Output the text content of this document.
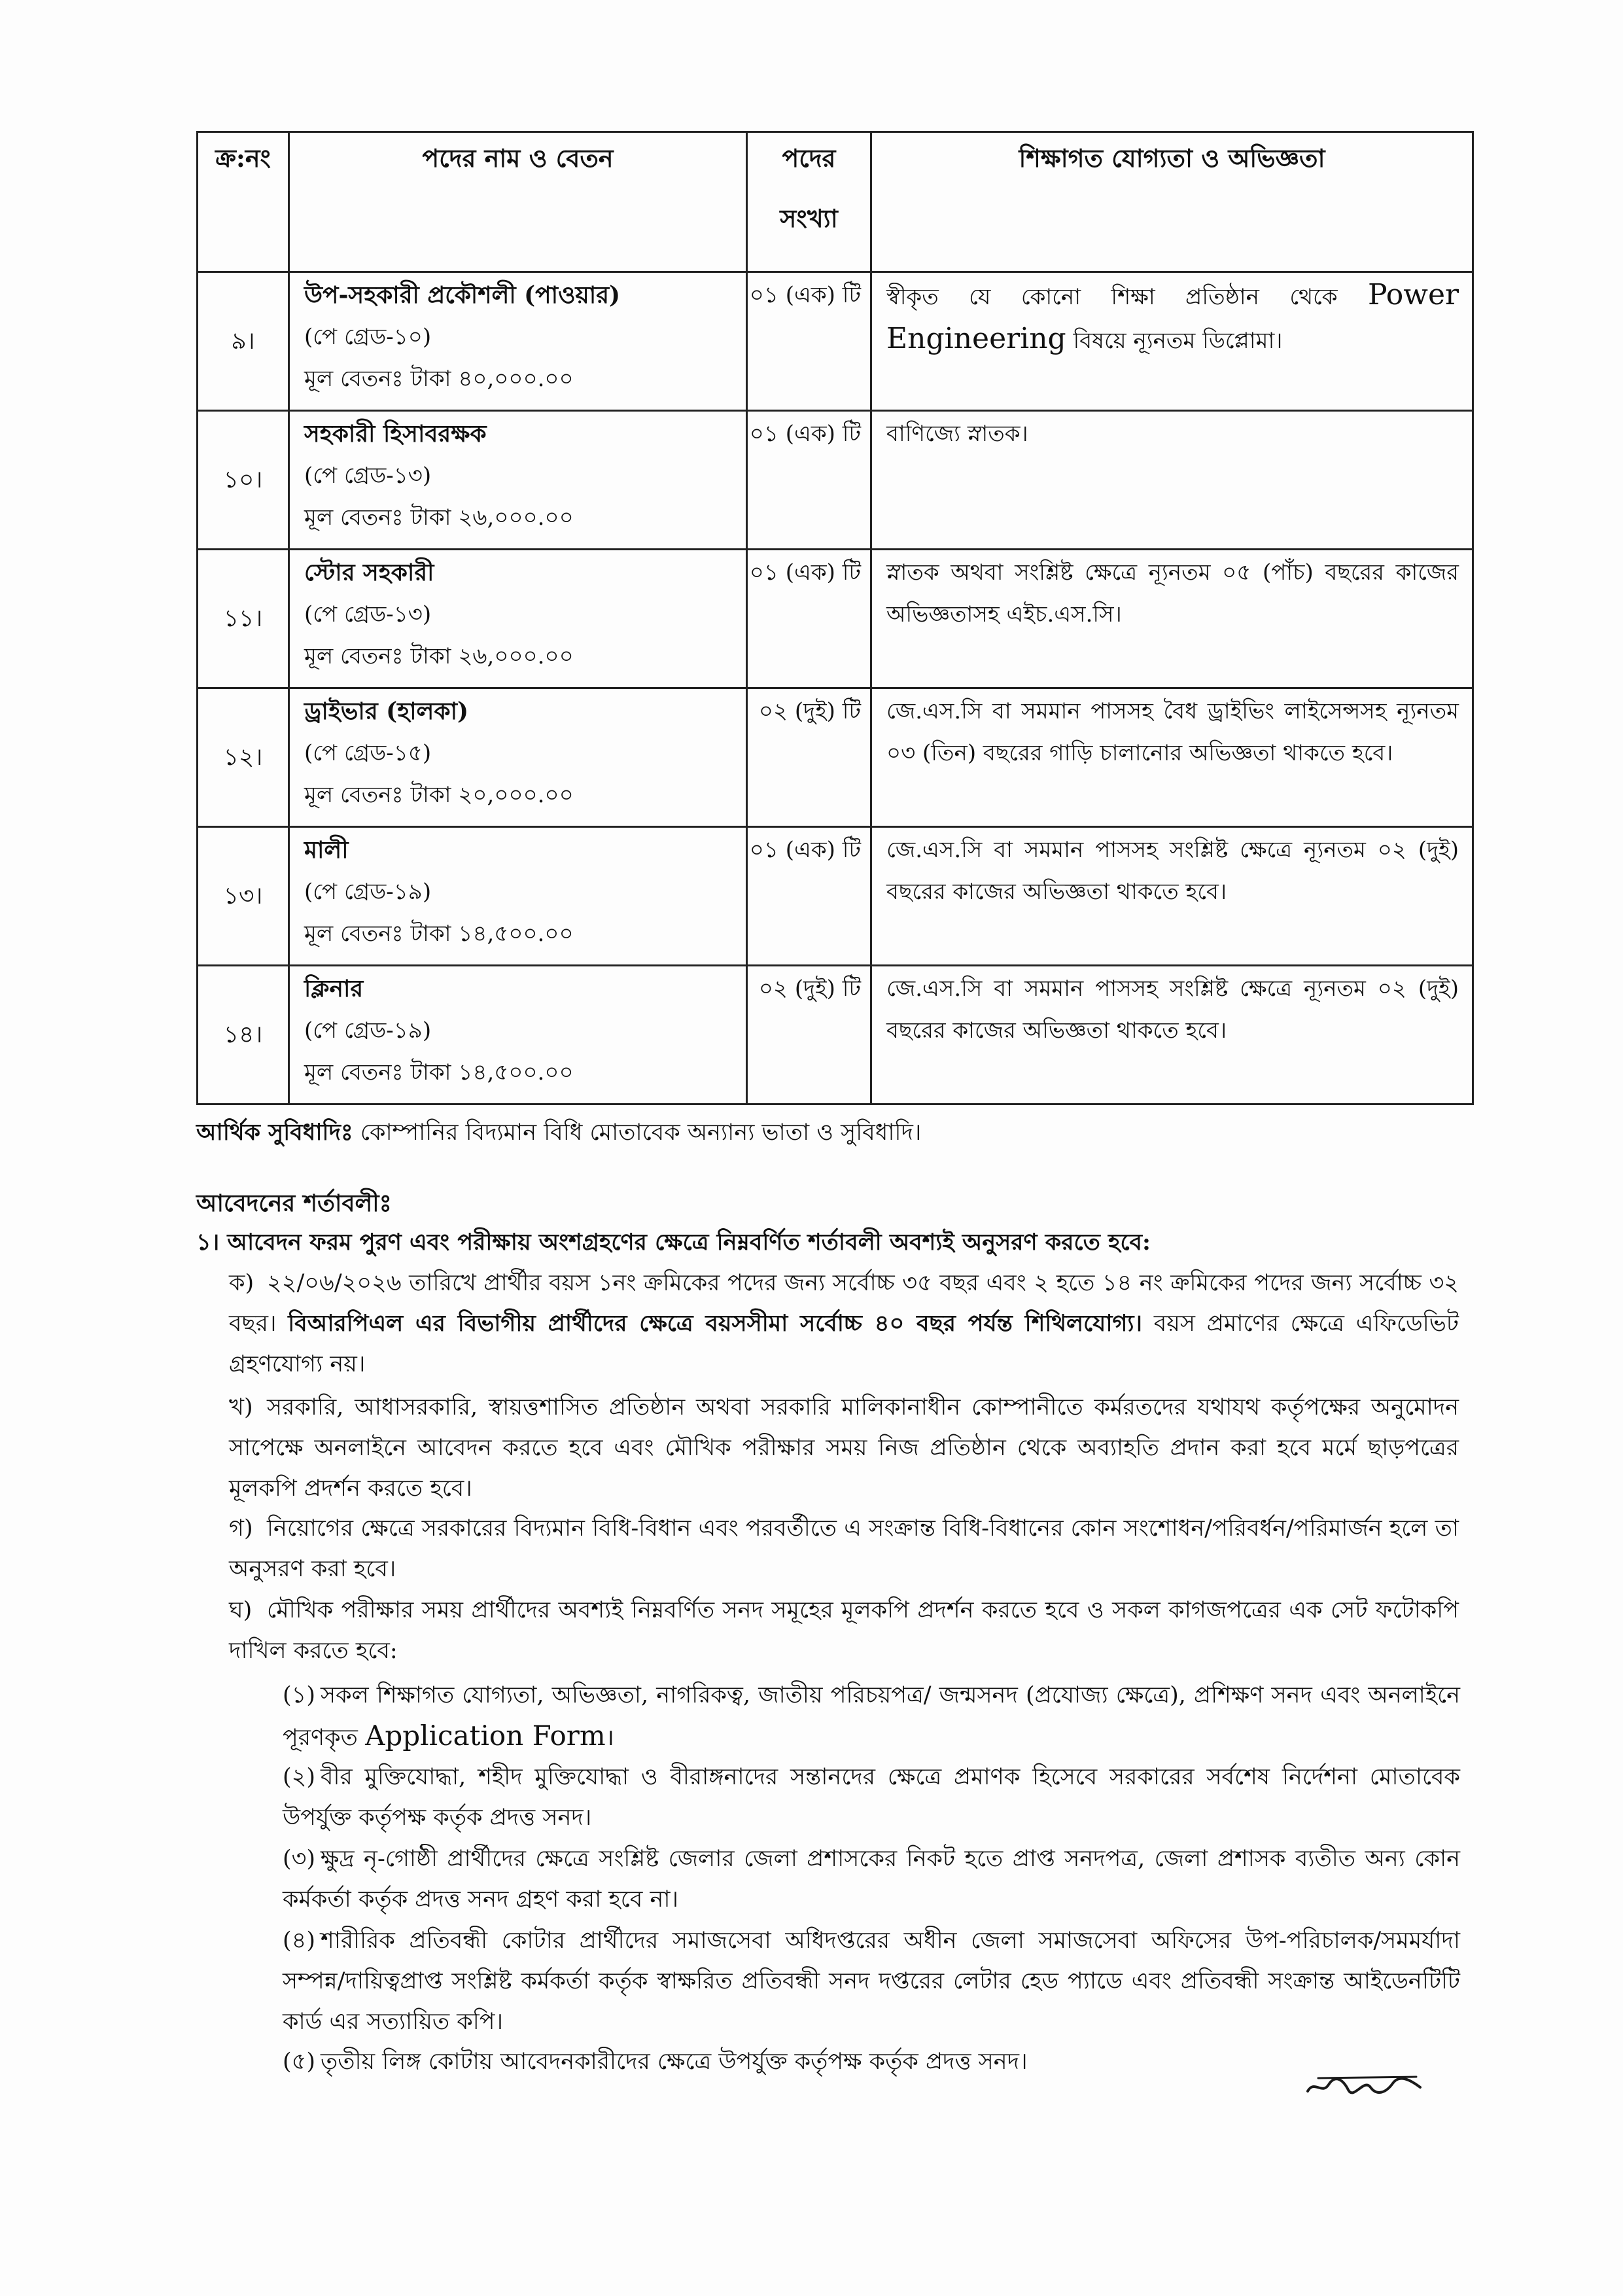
ক্র:নং	পদের নাম ও বেতন	পদের
সংখ্যা	শিক্ষাগত যোগ্যতা ও অভিজ্ঞতা
৯।	উপ-সহকারী প্রকৌশলী (পাওয়ার)
(পে গ্রেড-১০)
মূল বেতনঃ টাকা ৪০,০০০.০০	০১ (এক) টি	স্বীকৃত যে কোনো শিক্ষা প্রতিষ্ঠান থেকে Power Engineering বিষয়ে ন্যূনতম ডিপ্লোমা।
১০।	সহকারী হিসাবরক্ষক
(পে গ্রেড-১৩)
মূল বেতনঃ টাকা ২৬,০০০.০০	০১ (এক) টি	বাণিজ্যে স্নাতক।
১১।	স্টোর সহকারী
(পে গ্রেড-১৩)
মূল বেতনঃ টাকা ২৬,০০০.০০	০১ (এক) টি	স্নাতক অথবা সংশ্লিষ্ট ক্ষেত্রে ন্যূনতম ০৫ (পাঁচ) বছরের কাজের অভিজ্ঞতাসহ এইচ.এস.সি।
১২।	ড্রাইভার (হালকা)
(পে গ্রেড-১৫)
মূল বেতনঃ টাকা ২০,০০০.০০	০২ (দুই) টি	জে.এস.সি বা সমমান পাসসহ বৈধ ড্রাইভিং লাইসেন্সসহ ন্যূনতম ০৩ (তিন) বছরের গাড়ি চালানোর অভিজ্ঞতা থাকতে হবে।
১৩।	মালী
(পে গ্রেড-১৯)
মূল বেতনঃ টাকা ১৪,৫০০.০০	০১ (এক) টি	জে.এস.সি বা সমমান পাসসহ সংশ্লিষ্ট ক্ষেত্রে ন্যূনতম ০২ (দুই) বছরের কাজের অভিজ্ঞতা থাকতে হবে।
১৪।	ক্লিনার
(পে গ্রেড-১৯)
মূল বেতনঃ টাকা ১৪,৫০০.০০	০২ (দুই) টি	জে.এস.সি বা সমমান পাসসহ সংশ্লিষ্ট ক্ষেত্রে ন্যূনতম ০২ (দুই) বছরের কাজের অভিজ্ঞতা থাকতে হবে।
আর্থিক সুবিধাদিঃ কোম্পানির বিদ্যমান বিধি মোতাবেক অন্যান্য ভাতা ও সুবিধাদি।
আবেদনের শর্তাবলীঃ
১। আবেদন ফরম পুরণ এবং পরীক্ষায় অংশগ্রহণের ক্ষেত্রে নিম্নবর্ণিত শর্তাবলী অবশ্যই অনুসরণ করতে হবে:
ক) ২২/০৬/২০২৬ তারিখে প্রার্থীর বয়স ১নং ক্রমিকের পদের জন্য সর্বোচ্চ ৩৫ বছর এবং ২ হতে ১৪ নং ক্রমিকের পদের জন্য সর্বোচ্চ ৩২ বছর। বিআরপিএল এর বিভাগীয় প্রার্থীদের ক্ষেত্রে বয়সসীমা সর্বোচ্চ ৪০ বছর পর্যন্ত শিথিলযোগ্য। বয়স প্রমাণের ক্ষেত্রে এফিডেভিট গ্রহণযোগ্য নয়।
খ) সরকারি, আধাসরকারি, স্বায়ত্তশাসিত প্রতিষ্ঠান অথবা সরকারি মালিকানাধীন কোম্পানীতে কর্মরতদের যথাযথ কর্তৃপক্ষের অনুমোদন সাপেক্ষে অনলাইনে আবেদন করতে হবে এবং মৌখিক পরীক্ষার সময় নিজ প্রতিষ্ঠান থেকে অব্যাহতি প্রদান করা হবে মর্মে ছাড়পত্রের মূলকপি প্রদর্শন করতে হবে।
গ) নিয়োগের ক্ষেত্রে সরকারের বিদ্যমান বিধি-বিধান এবং পরবর্তীতে এ সংক্রান্ত বিধি-বিধানের কোন সংশোধন/পরিবর্ধন/পরিমার্জন হলে তা অনুসরণ করা হবে।
ঘ) মৌখিক পরীক্ষার সময় প্রার্থীদের অবশ্যই নিম্নবর্ণিত সনদ সমূহের মূলকপি প্রদর্শন করতে হবে ও সকল কাগজপত্রের এক সেট ফটোকপি দাখিল করতে হবে:
(১) সকল শিক্ষাগত যোগ্যতা, অভিজ্ঞতা, নাগরিকত্ব, জাতীয় পরিচয়পত্র/ জন্মসনদ (প্রযোজ্য ক্ষেত্রে), প্রশিক্ষণ সনদ এবং অনলাইনে পূরণকৃত Application Form।
(২) বীর মুক্তিযোদ্ধা, শহীদ মুক্তিযোদ্ধা ও বীরাঙ্গনাদের সন্তানদের ক্ষেত্রে প্রমাণক হিসেবে সরকারের সর্বশেষ নির্দেশনা মোতাবেক উপর্যুক্ত কর্তৃপক্ষ কর্তৃক প্রদত্ত সনদ।
(৩) ক্ষুদ্র নৃ-গোষ্ঠী প্রার্থীদের ক্ষেত্রে সংশ্লিষ্ট জেলার জেলা প্রশাসকের নিকট হতে প্রাপ্ত সনদপত্র, জেলা প্রশাসক ব্যতীত অন্য কোন কর্মকর্তা কর্তৃক প্রদত্ত সনদ গ্রহণ করা হবে না।
(৪) শারীরিক প্রতিবন্ধী কোটার প্রার্থীদের সমাজসেবা অধিদপ্তরের অধীন জেলা সমাজসেবা অফিসের উপ-পরিচালক/সমমর্যাদা সম্পন্ন/দায়িত্বপ্রাপ্ত সংশ্লিষ্ট কর্মকর্তা কর্তৃক স্বাক্ষরিত প্রতিবন্ধী সনদ দপ্তরের লেটার হেড প্যাডে এবং প্রতিবন্ধী সংক্রান্ত আইডেনটিটি কার্ড এর সত্যায়িত কপি।
(৫) তৃতীয় লিঙ্গ কোটায় আবেদনকারীদের ক্ষেত্রে উপর্যুক্ত কর্তৃপক্ষ কর্তৃক প্রদত্ত সনদ।
